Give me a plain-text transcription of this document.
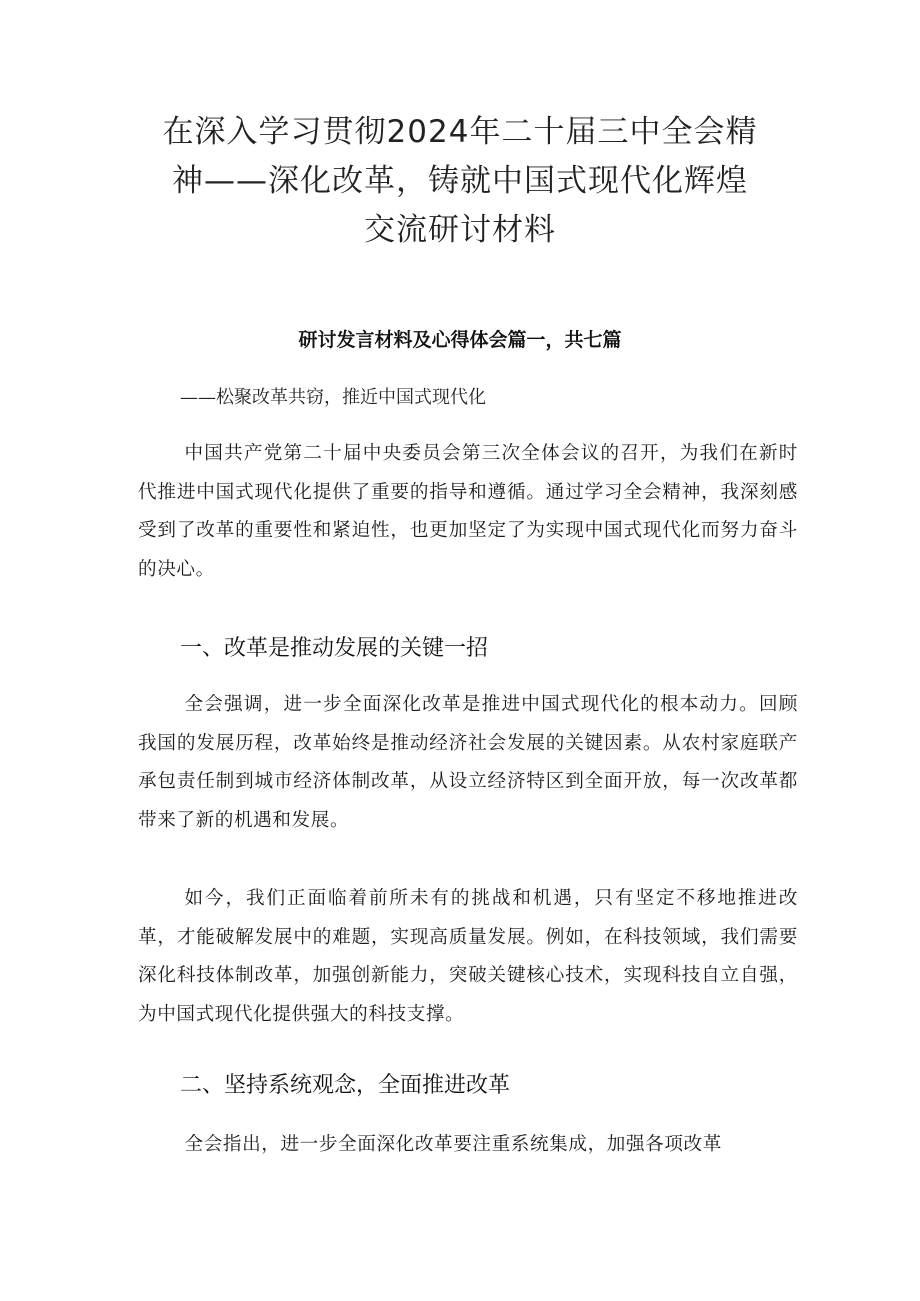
在深入学习贯彻2024年二十届三中全会精
神——深化改革，铸就中国式现代化辉煌
交流研讨材料

研讨发言材料及心得体会篇一，共七篇

——松聚改革共窃，推近中国式现代化

中国共产党第二十届中央委员会第三次全体会议的召开，为我们在新时代推进中国式现代化提供了重要的指导和遵循。通过学习全会精神，我深刻感受到了改革的重要性和紧迫性，也更加坚定了为实现中国式现代化而努力奋斗的决心。

一、改革是推动发展的关键一招

全会强调，进一步全面深化改革是推进中国式现代化的根本动力。回顾我国的发展历程，改革始终是推动经济社会发展的关键因素。从农村家庭联产承包责任制到城市经济体制改革，从设立经济特区到全面开放，每一次改革都带来了新的机遇和发展。

如今，我们正面临着前所未有的挑战和机遇，只有坚定不移地推进改革，才能破解发展中的难题，实现高质量发展。例如，在科技领域，我们需要深化科技体制改革，加强创新能力，突破关键核心技术，实现科技自立自强，为中国式现代化提供强大的科技支撑。

二、坚持系统观念，全面推进改革

全会指出，进一步全面深化改革要注重系统集成，加强各项改革
